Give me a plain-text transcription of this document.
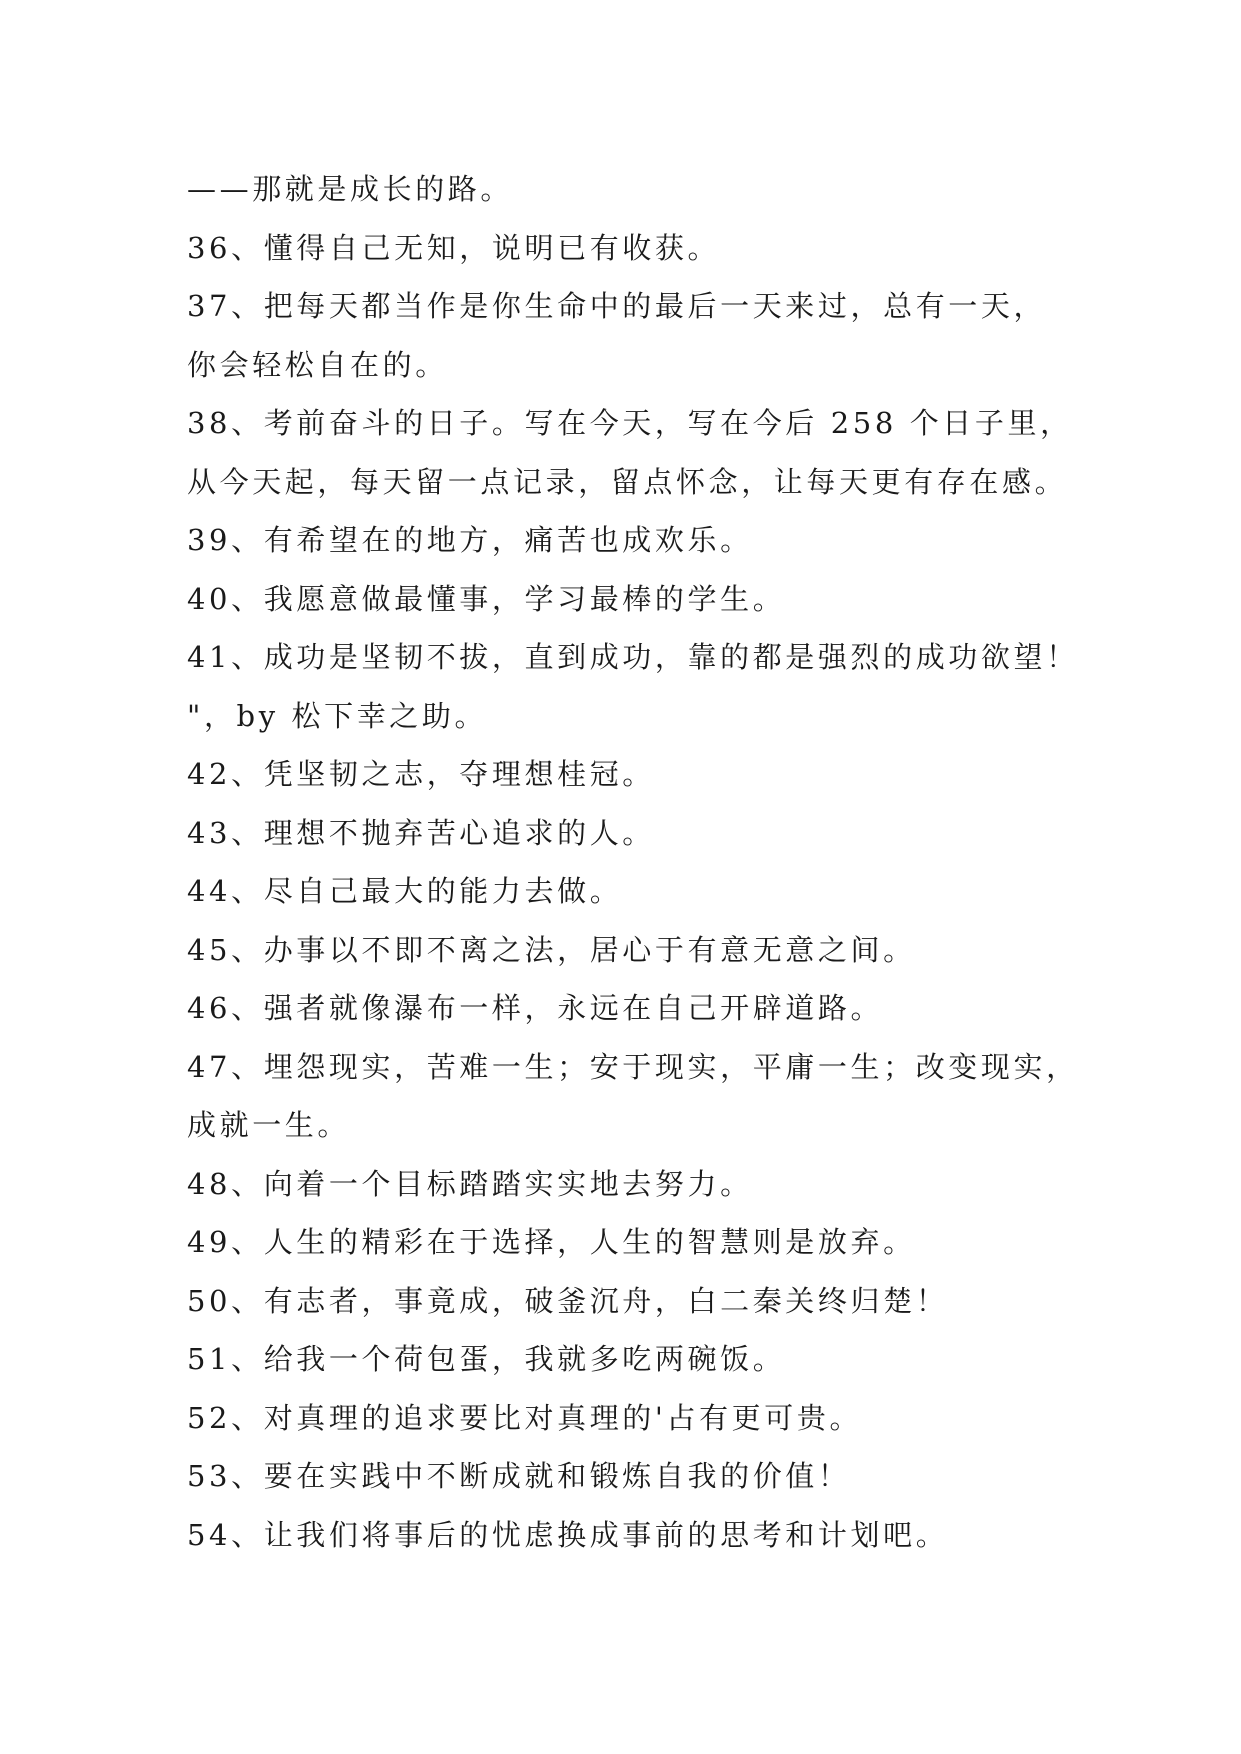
——那就是成长的路。
36、懂得自己无知，说明已有收获。
37、把每天都当作是你生命中的最后一天来过，总有一天，
你会轻松自在的。
38、考前奋斗的日子。写在今天，写在今后 258 个日子里，
从今天起，每天留一点记录，留点怀念，让每天更有存在感。
39、有希望在的地方，痛苦也成欢乐。
40、我愿意做最懂事，学习最棒的学生。
41、成功是坚韧不拔，直到成功，靠的都是强烈的成功欲望！
"，by 松下幸之助。
42、凭坚韧之志，夺理想桂冠。
43、理想不抛弃苦心追求的人。
44、尽自己最大的能力去做。
45、办事以不即不离之法，居心于有意无意之间。
46、强者就像瀑布一样，永远在自己开辟道路。
47、埋怨现实，苦难一生；安于现实，平庸一生；改变现实，
成就一生。
48、向着一个目标踏踏实实地去努力。
49、人生的精彩在于选择，人生的智慧则是放弃。
50、有志者，事竟成，破釜沉舟，白二秦关终归楚！
51、给我一个荷包蛋，我就多吃两碗饭。
52、对真理的追求要比对真理的'占有更可贵。
53、要在实践中不断成就和锻炼自我的价值！
54、让我们将事后的忧虑换成事前的思考和计划吧。
